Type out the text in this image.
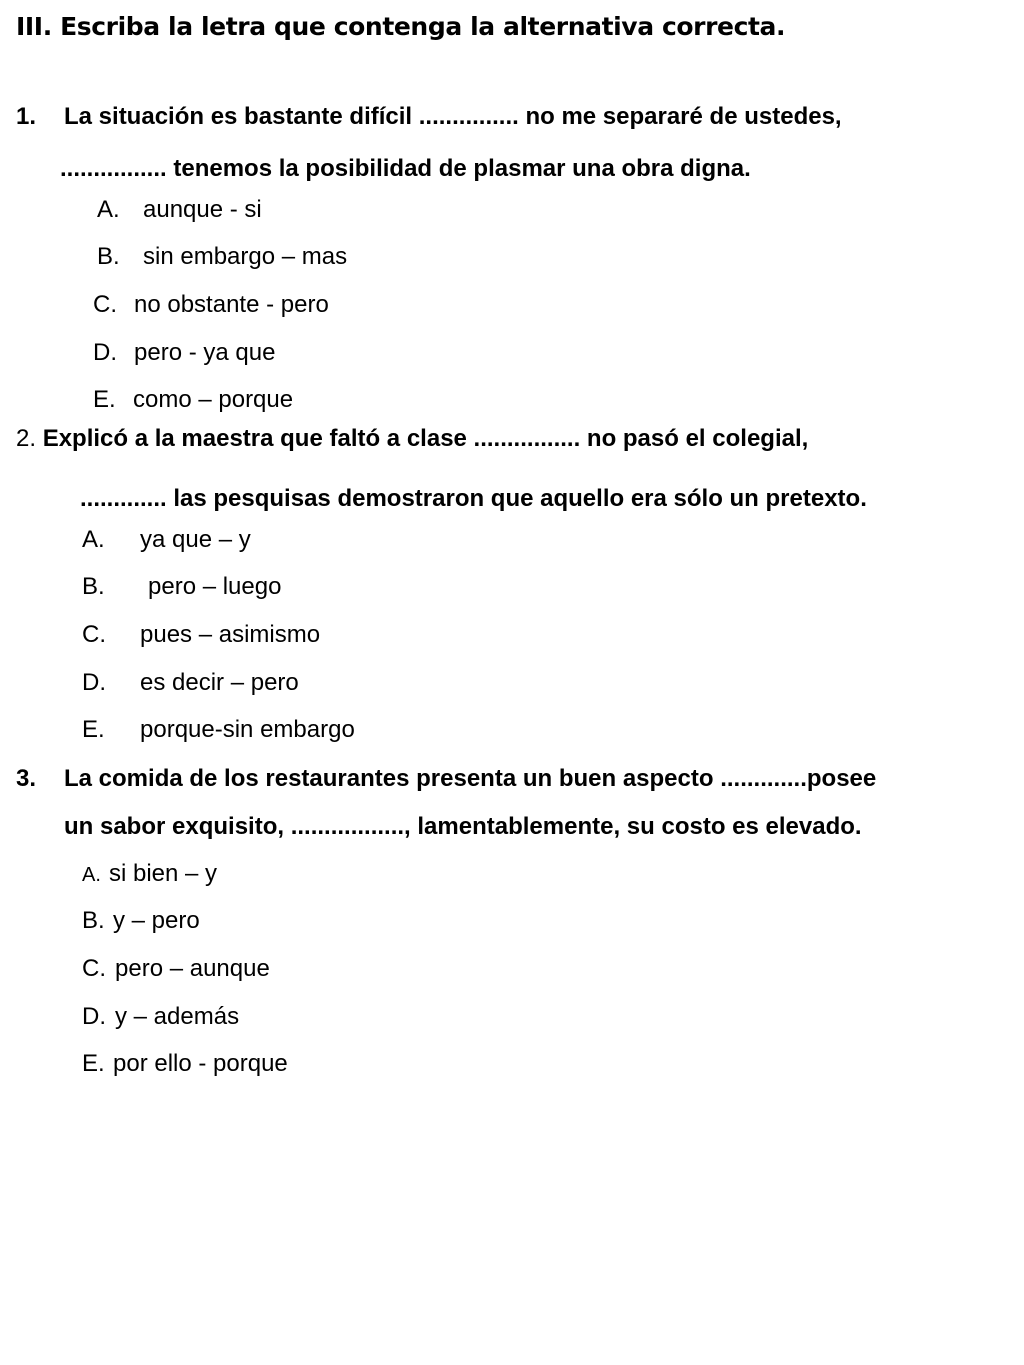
III. Escriba la letra que contenga la alternativa correcta.
1. La situación es bastante difícil ............... no me separaré de ustedes,
................ tenemos la posibilidad de plasmar una obra digna.
A. aunque - si
B. sin embargo – mas
C. no obstante - pero
D. pero - ya que
E. como – porque
2. Explicó a la maestra que faltó a clase ................ no pasó el colegial,
............. las pesquisas demostraron que aquello era sólo un pretexto.
A. ya que – y
B. pero – luego
C. pues – asimismo
D. es decir – pero
E. porque-sin embargo
3. La comida de los restaurantes presenta un buen aspecto .............posee
un sabor exquisito, ................., lamentablemente, su costo es elevado.
A. si bien – y
B. y – pero
C. pero – aunque
D. y – además
E. por ello - porque
